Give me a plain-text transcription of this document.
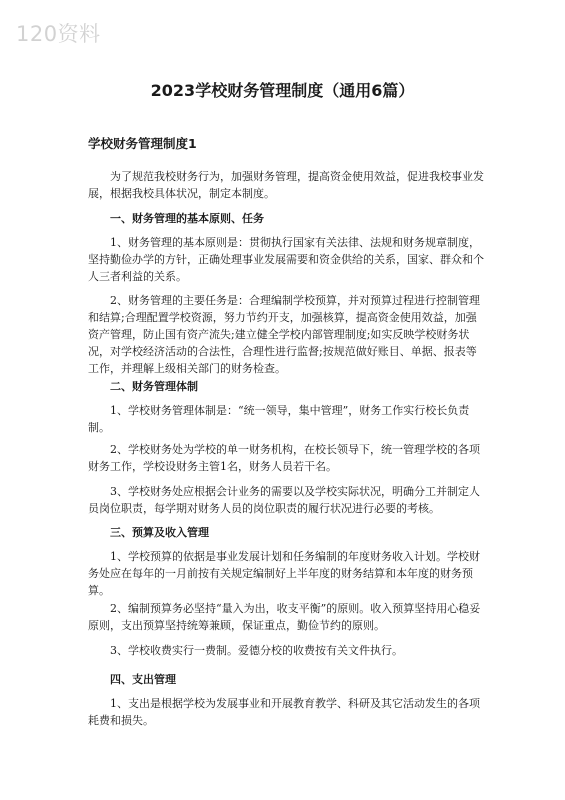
120资料
2023学校财务管理制度（通用6篇）
学校财务管理制度1

为了规范我校财务行为，加强财务管理，提高资金使用效益，促进我校事业发展，根据我校具体状况，制定本制度。

一、财务管理的基本原则、任务

1、财务管理的基本原则是：贯彻执行国家有关法律、法规和财务规章制度，坚持勤俭办学的方针，正确处理事业发展需要和资金供给的关系，国家、群众和个人三者利益的关系。

2、财务管理的主要任务是：合理编制学校预算，并对预算过程进行控制管理和结算;合理配置学校资源，努力节约开支，加强核算，提高资金使用效益，加强资产管理，防止国有资产流失;建立健全学校内部管理制度;如实反映学校财务状况，对学校经济活动的合法性，合理性进行监督;按规范做好账目、单据、报表等工作，并理解上级相关部门的财务检查。

二、财务管理体制

1、学校财务管理体制是：“统一领导，集中管理”，财务工作实行校长负责制。

2、学校财务处为学校的单一财务机构，在校长领导下，统一管理学校的各项财务工作，学校设财务主管1名，财务人员若干名。

3、学校财务处应根据会计业务的需要以及学校实际状况，明确分工并制定人员岗位职责，每学期对财务人员的岗位职责的履行状况进行必要的考核。

三、预算及收入管理

1、学校预算的依据是事业发展计划和任务编制的年度财务收入计划。学校财务处应在每年的一月前按有关规定编制好上半年度的财务结算和本年度的财务预算。

2、编制预算务必坚持“量入为出，收支平衡”的原则。收入预算坚持用心稳妥原则，支出预算坚持统筹兼顾，保证重点，勤俭节约的原则。

3、学校收费实行一费制。爱德分校的收费按有关文件执行。

四、支出管理

1、支出是根据学校为发展事业和开展教育教学、科研及其它活动发生的各项耗费和损失。
